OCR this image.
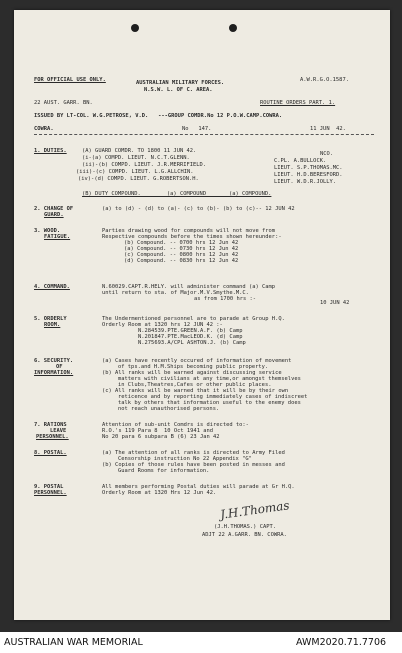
FOR OFFICIAL USE ONLY.	AUSTRALIAN MILITARY FORCES.	A.W.R.G.O.1587.
N.S.W. L. OF C. AREA.
22 AUST. GARR. BN.	ROUTINE ORDERS PART. 1.
ISSUED BY LT-COL. W.G.PETROSE, V.D.   ---GROUP COMDR.No 12 P.O.W.CAMP.COWRA.
COWRA.	No   147.	11 JUN  42.
1. DUTIES.	(A) GUARD COMDR. TO 1800 11 JUN 42.	NCO.
(i-(a) COMPD. LIEUT. N.C.T.GLENN.	C.PL. A.BULLOCK.
(ii)-(b) COMPD. LIEUT. J.R.MERRIFIELD.	LIEUT. S.P.THOMAS.MC.
(iii)-(c) COMPD. LIEUT. L.G.ALLCHIN.	LIEUT. H.D.BERESFORD.
(iv)-(d) COMPD. LIEUT. G.ROBERTSON.H.	LIEUT. W.D.R.JOLLY.
(B) DUTY COMPOUND.        (a) COMPOUND       (a) COMPOUND.
2. CHANGE OF
GUARD.
(a) to (d) - (d) to (a)- (c) to (b)- (b) to (c)-- 12 JUN 42
3. WOOD.
FATIGUE.
Parties drawing wood for compounds will not move from
Respective compounds before the times shown hereunder:-
(b) Compound. -- 0700 hrs 12 Jun 42
(a) Compound. -- 0730 hrs 12 Jun 42
(c) Compound. -- 0800 hrs 12 Jun 42
(d) Compound. -- 0830 hrs 12 Jun 42
4. COMMAND.	N.60029.CAPT.R.HELY. will administer command (a) Camp
until return to sta. of Major.M.V.Smythe.M.C.
as from 1700 hrs :-
10 JUN 42
5. ORDERLY
ROOM.
The Undermentioned personnel are to parade at Group H.Q.
Orderly Room at 1320 hrs 12 JUN 42 :-
N.284539.PTE.GREEN.A.F. (b) Camp
N.201847.PTE.MacLEOD.K. (d) Camp
N.275693.A/CPL ASHTON.J. (b) Camp
6. SECURITY.
OF
INFORMATION.
(a) Cases have recently occured of information of movement
of tps.and H.M.Ships becoming public property.
(b) All ranks will be warned against discussing service
matters with civilians at any time,or amongst themselves
in Clubs,Theatres,Cafes or other public places.
(c) All ranks will be warned that it will be by their own
reticence and by reporting immediately cases of indiscreet
talk by others that information useful to the enemy does
not reach unauthorised persons.
7. RATIONS
LEAVE
PERSONNEL.
Attention of sub-unit Comdrs is directed to:-
R.O.'s 119 Para 8  10 Oct 1941 and
No 20 para 6 subpara B (6) 23 Jan 42
8. POSTAL.	(a) The attention of all ranks is directed to Army Filed
Censorship instruction No 22 Appendix "G"
(b) Copies of those rules have been posted in messes and
Guard Rooms for information.
9. POSTAL
PERSONNEL.
All members performing Postal duties will parade at Gr H.Q.
Orderly Room at 1320 Hrs 12 Jun 42.
J.H.Thomas
(J.H.THOMAS.) CAPT.
ADJT 22 A.GARR. BN. COWRA.
AUSTRALIAN WAR MEMORIAL	AWM2020.71.7706
